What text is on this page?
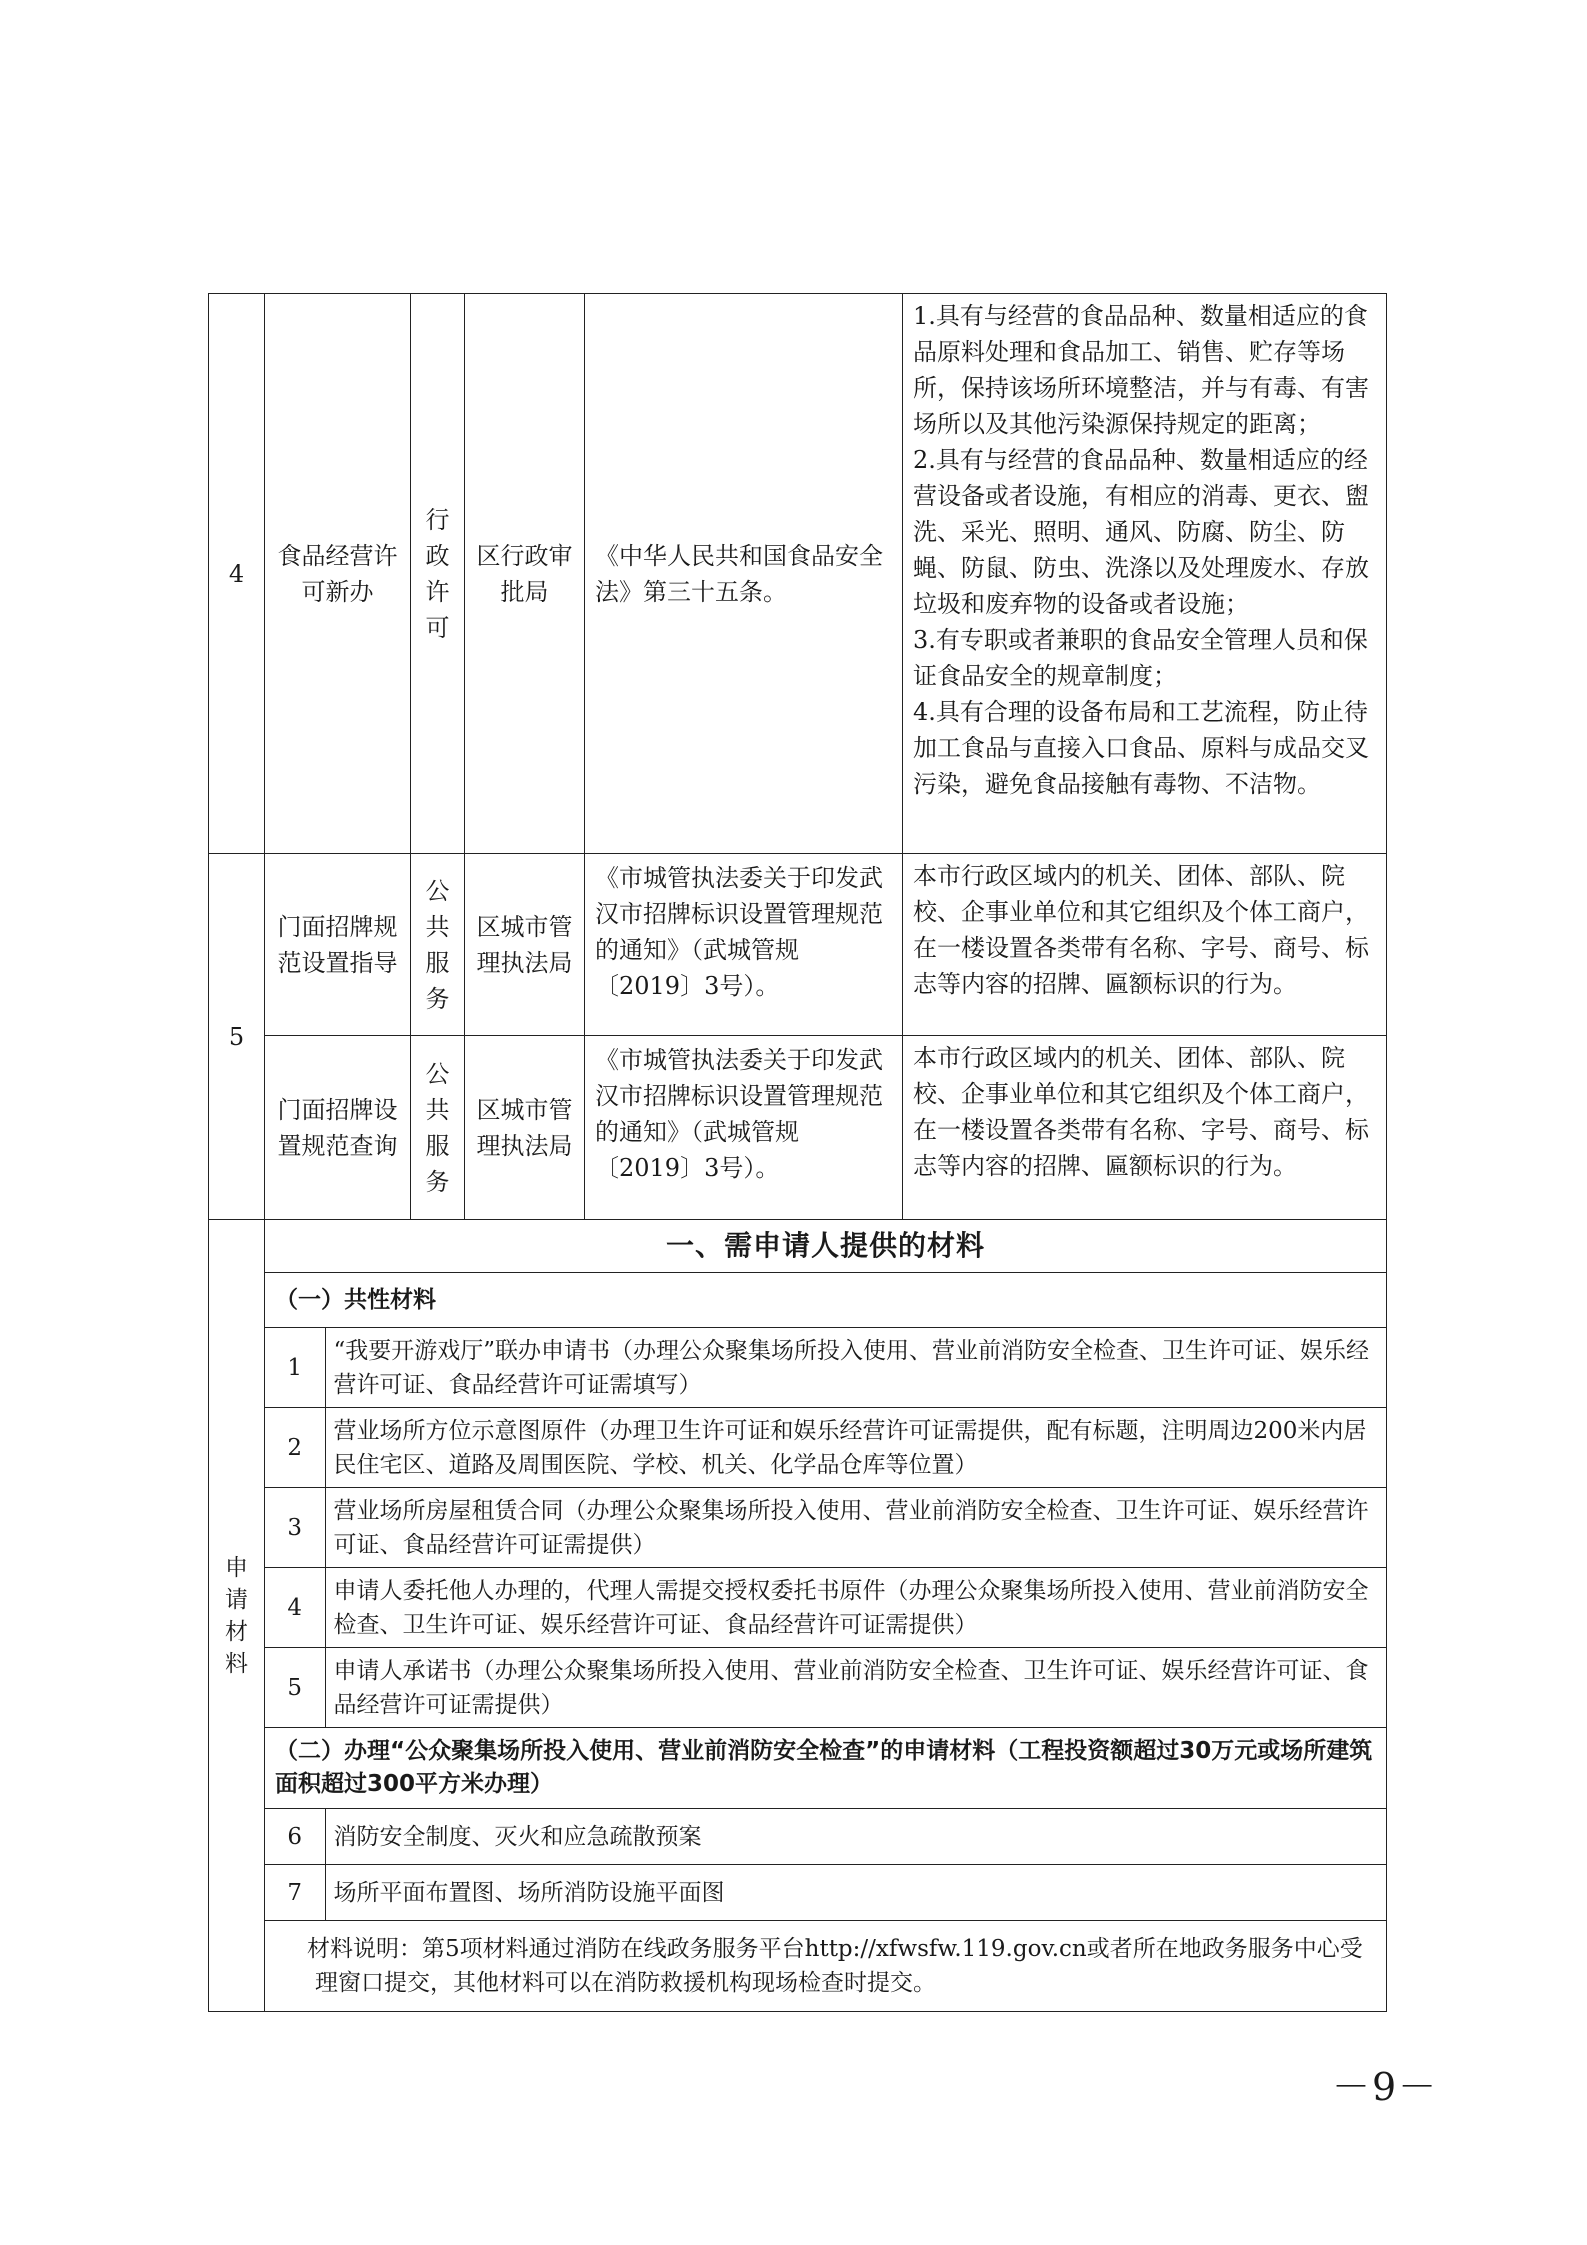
4	食品经营许可新办	行政许可	区行政审批局	《中华人民共和国食品安全法》第三十五条。	1.具有与经营的食品品种、数量相适应的食品原料处理和食品加工、销售、贮存等场所，保持该场所环境整洁，并与有毒、有害场所以及其他污染源保持规定的距离；
2.具有与经营的食品品种、数量相适应的经营设备或者设施，有相应的消毒、更衣、盥洗、采光、照明、通风、防腐、防尘、防蝇、防鼠、防虫、洗涤以及处理废水、存放垃圾和废弃物的设备或者设施；
3.有专职或者兼职的食品安全管理人员和保证食品安全的规章制度；
4.具有合理的设备布局和工艺流程，防止待加工食品与直接入口食品、原料与成品交叉污染，避免食品接触有毒物、不洁物。

5	门面招牌规范设置指导	公共服务	区城市管理执法局	《市城管执法委关于印发武汉市招牌标识设置管理规范的通知》（武城管规〔2019〕3号）。	本市行政区域内的机关、团体、部队、院校、企事业单位和其它组织及个体工商户，在一楼设置各类带有名称、字号、商号、标志等内容的招牌、匾额标识的行为。
	门面招牌设置规范查询	公共服务	区城市管理执法局	《市城管执法委关于印发武汉市招牌标识设置管理规范的通知》（武城管规〔2019〕3号）。	本市行政区域内的机关、团体、部队、院校、企事业单位和其它组织及个体工商户，在一楼设置各类带有名称、字号、商号、标志等内容的招牌、匾额标识的行为。
申
请
材
料

一、需申请人提供的材料
（一）共性材料
1	“我要开游戏厅”联办申请书（办理公众聚集场所投入使用、营业前消防安全检查、卫生许可证、娱乐经营许可证、食品经营许可证需填写）
2	营业场所方位示意图原件（办理卫生许可证和娱乐经营许可证需提供，配有标题，注明周边200米内居民住宅区、道路及周围医院、学校、机关、化学品仓库等位置）
3	营业场所房屋租赁合同（办理公众聚集场所投入使用、营业前消防安全检查、卫生许可证、娱乐经营许可证、食品经营许可证需提供）
4	申请人委托他人办理的，代理人需提交授权委托书原件（办理公众聚集场所投入使用、营业前消防安全检查、卫生许可证、娱乐经营许可证、食品经营许可证需提供）
5	申请人承诺书（办理公众聚集场所投入使用、营业前消防安全检查、卫生许可证、娱乐经营许可证、食品经营许可证需提供）
（二）办理“公众聚集场所投入使用、营业前消防安全检查”的申请材料（工程投资额超过30万元或场所建筑面积超过300平方米办理）
6	消防安全制度、灭火和应急疏散预案
7	场所平面布置图、场所消防设施平面图

材料说明：第5项材料通过消防在线政务服务平台http://xfwsfw.119.gov.cn或者所在地政务服务中心受理窗口提交，其他材料可以在消防救援机构现场检查时提交。
－9－
